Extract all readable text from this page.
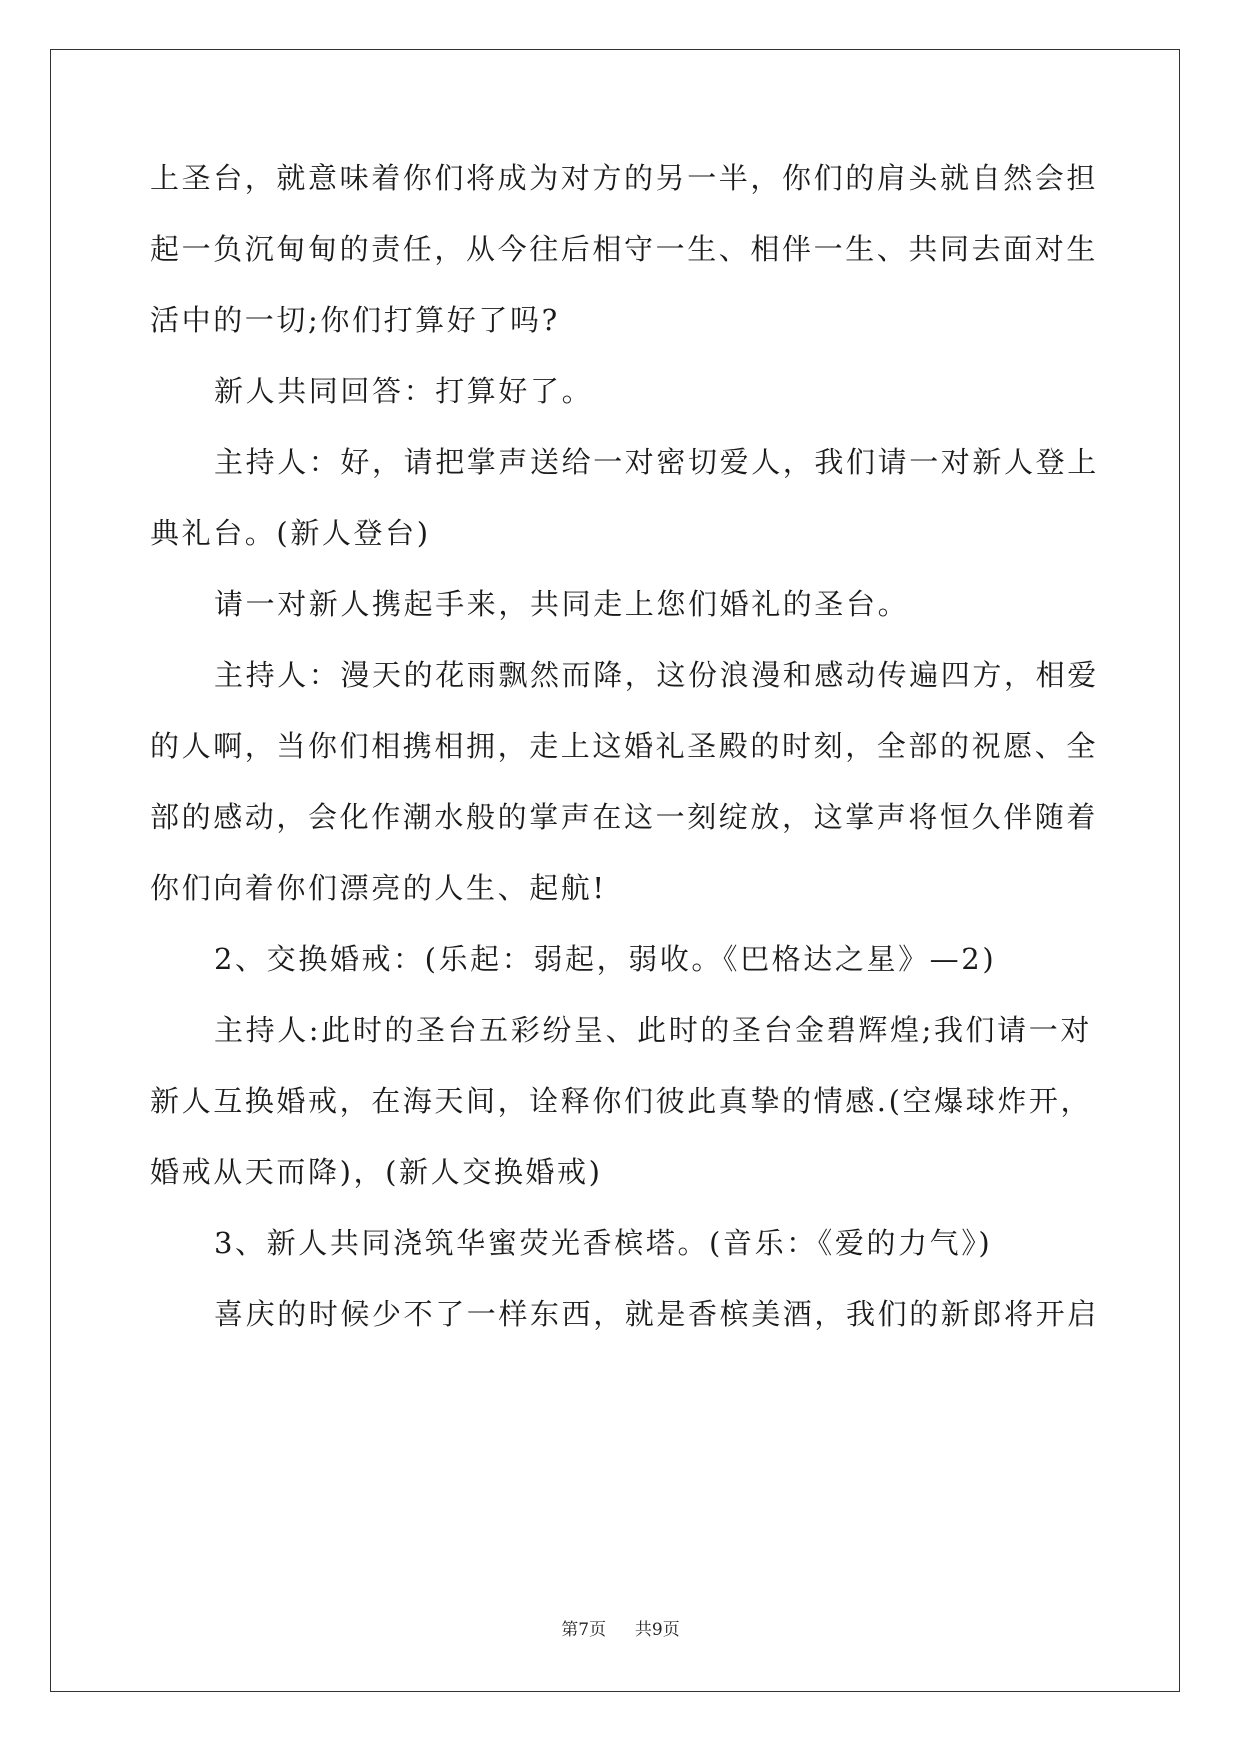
上圣台，就意味着你们将成为对方的另一半，你们的肩头就自然会担
起一负沉甸甸的责任，从今往后相守一生、相伴一生、共同去面对生
活中的一切;你们打算好了吗?
新人共同回答：打算好了。
主持人：好，请把掌声送给一对密切爱人，我们请一对新人登上
典礼台。(新人登台)
请一对新人携起手来，共同走上您们婚礼的圣台。
主持人：漫天的花雨飘然而降，这份浪漫和感动传遍四方，相爱
的人啊，当你们相携相拥，走上这婚礼圣殿的时刻，全部的祝愿、全
部的感动，会化作潮水般的掌声在这一刻绽放，这掌声将恒久伴随着
你们向着你们漂亮的人生、起航!
2、交换婚戒：(乐起：弱起，弱收。《巴格达之星》—2)
主持人:此时的圣台五彩纷呈、此时的圣台金碧辉煌;我们请一对
新人互换婚戒，在海天间，诠释你们彼此真挚的情感.(空爆球炸开，
婚戒从天而降)，(新人交换婚戒)
3、新人共同浇筑华蜜荧光香槟塔。(音乐：《爱的力气》)
喜庆的时候少不了一样东西，就是香槟美酒，我们的新郎将开启
第7页 共9页
